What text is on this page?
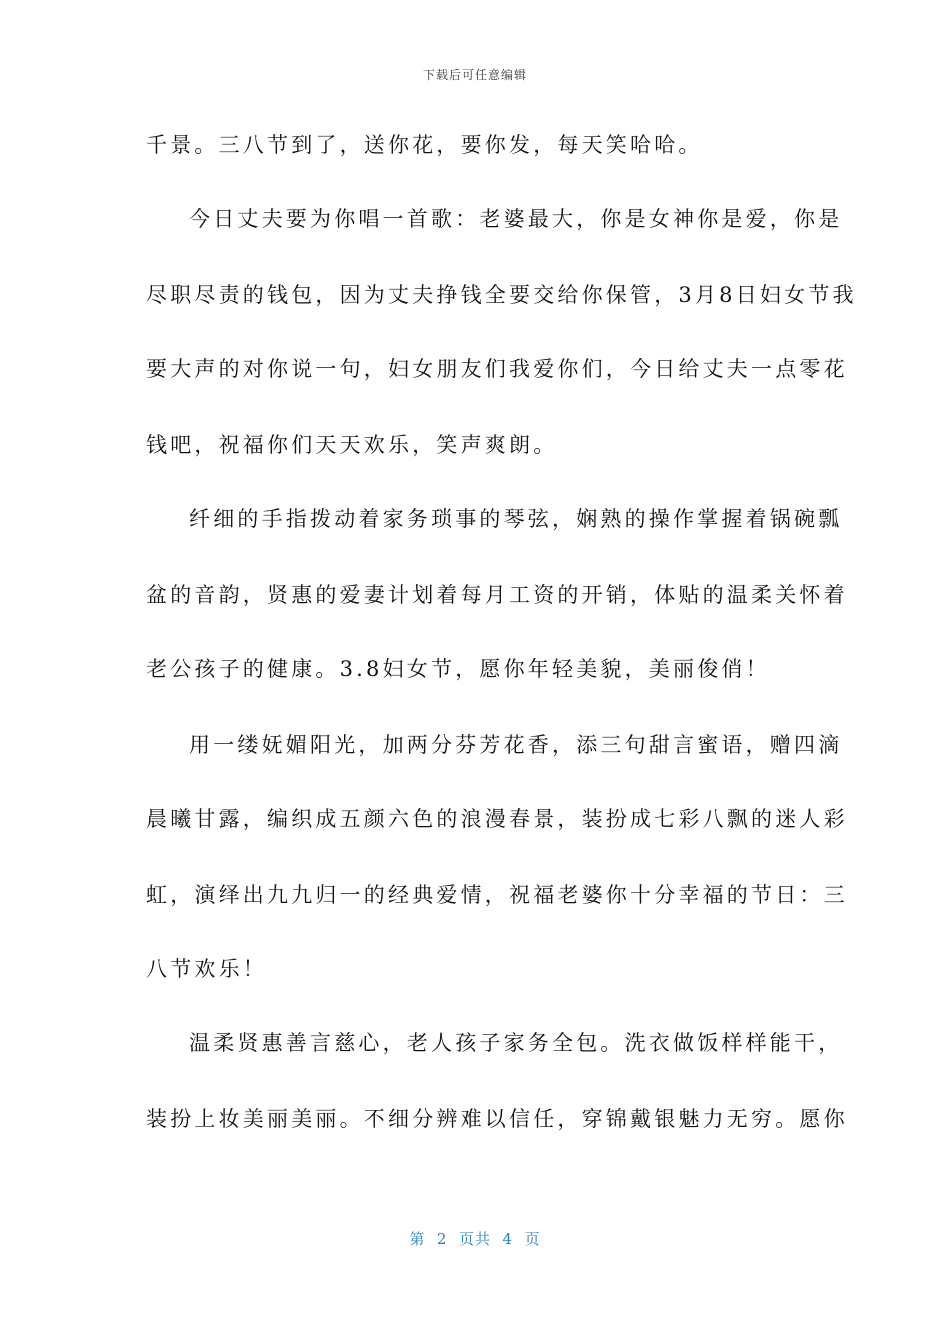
下载后可任意编辑
千景。三八节到了，送你花，要你发，每天笑哈哈。
今日丈夫要为你唱一首歌：老婆最大，你是女神你是爱，你是
尽职尽责的钱包，因为丈夫挣钱全要交给你保管，3月8日妇女节我
要大声的对你说一句，妇女朋友们我爱你们，今日给丈夫一点零花
钱吧，祝福你们天天欢乐，笑声爽朗。
纤细的手指拨动着家务琐事的琴弦，娴熟的操作掌握着锅碗瓢
盆的音韵，贤惠的爱妻计划着每月工资的开销，体贴的温柔关怀着
老公孩子的健康。3.8妇女节，愿你年轻美貌，美丽俊俏！
用一缕妩媚阳光，加两分芬芳花香，添三句甜言蜜语，赠四滴
晨曦甘露，编织成五颜六色的浪漫春景，装扮成七彩八飘的迷人彩
虹，演绎出九九归一的经典爱情，祝福老婆你十分幸福的节日：三
八节欢乐！
温柔贤惠善言慈心，老人孩子家务全包。洗衣做饭样样能干，
装扮上妆美丽美丽。不细分辨难以信任，穿锦戴银魅力无穷。愿你
第  2  页共  4  页
